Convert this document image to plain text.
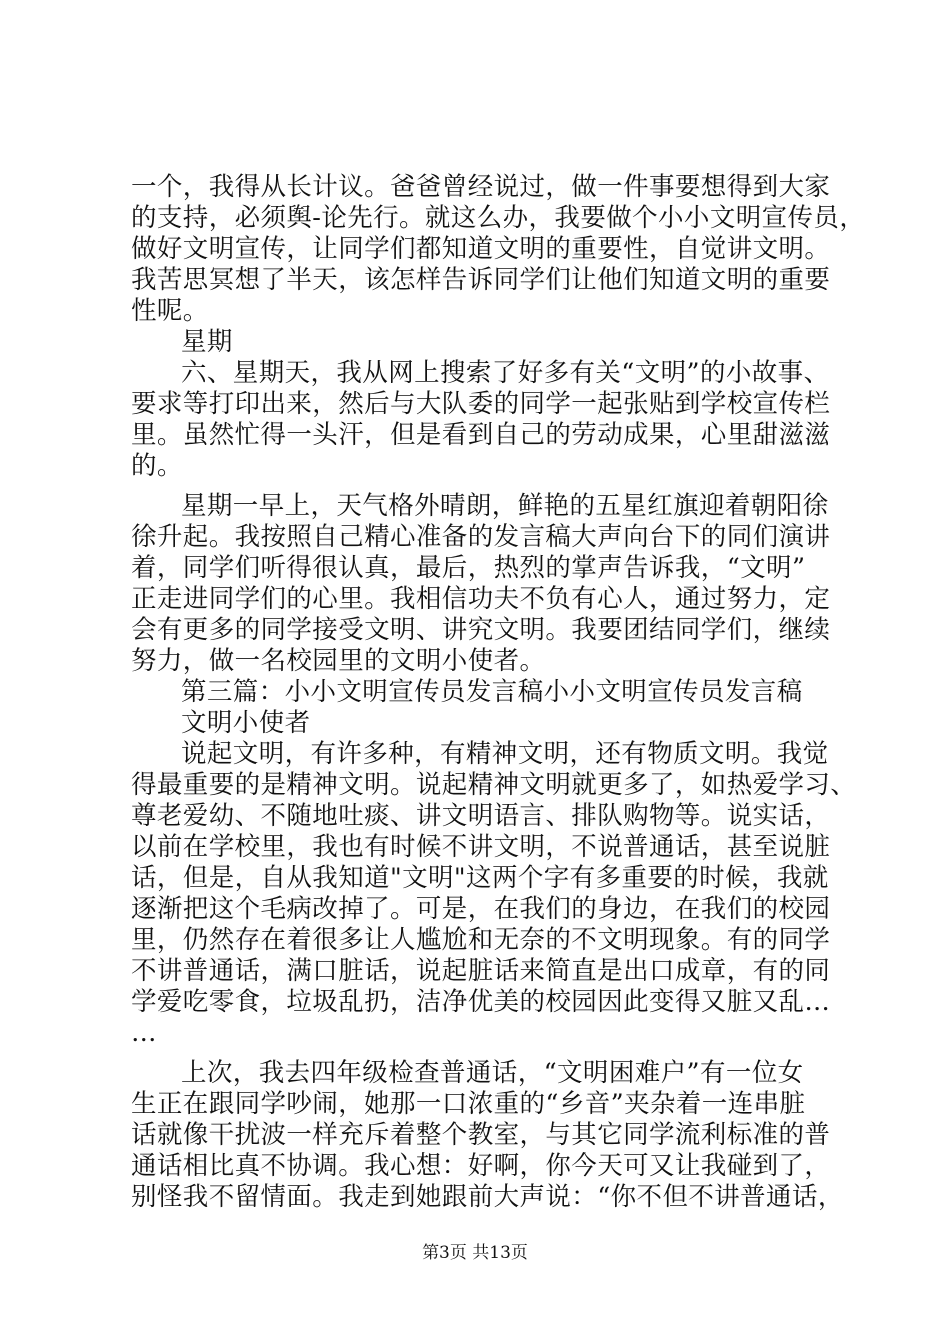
一个，我得从长计议。爸爸曾经说过，做一件事要想得到大家
的支持，必须舆-论先行。就这么办，我要做个小小文明宣传员，
做好文明宣传，让同学们都知道文明的重要性，自觉讲文明。
我苦思冥想了半天，该怎样告诉同学们让他们知道文明的重要
性呢。
星期
六、星期天，我从网上搜索了好多有关“文明”的小故事、
要求等打印出来，然后与大队委的同学一起张贴到学校宣传栏
里。虽然忙得一头汗，但是看到自己的劳动成果，心里甜滋滋
的。
星期一早上，天气格外晴朗，鲜艳的五星红旗迎着朝阳徐
徐升起。我按照自己精心准备的发言稿大声向台下的同们演讲
着，同学们听得很认真，最后，热烈的掌声告诉我，“文明”
正走进同学们的心里。我相信功夫不负有心人，通过努力，定
会有更多的同学接受文明、讲究文明。我要团结同学们，继续
努力，做一名校园里的文明小使者。
第三篇：小小文明宣传员发言稿小小文明宣传员发言稿
文明小使者
说起文明，有许多种，有精神文明，还有物质文明。我觉
得最重要的是精神文明。说起精神文明就更多了，如热爱学习、
尊老爱幼、不随地吐痰、讲文明语言、排队购物等。说实话，
以前在学校里，我也有时候不讲文明，不说普通话，甚至说脏
话，但是，自从我知道"文明"这两个字有多重要的时候，我就
逐渐把这个毛病改掉了。可是，在我们的身边，在我们的校园
里，仍然存在着很多让人尴尬和无奈的不文明现象。有的同学
不讲普通话，满口脏话，说起脏话来简直是出口成章，有的同
学爱吃零食，垃圾乱扔，洁净优美的校园因此变得又脏又乱…
…
上次，我去四年级检查普通话，“文明困难户”有一位女
生正在跟同学吵闹，她那一口浓重的“乡音”夹杂着一连串脏
话就像干扰波一样充斥着整个教室，与其它同学流利标准的普
通话相比真不协调。我心想：好啊，你今天可又让我碰到了，
别怪我不留情面。我走到她跟前大声说：“你不但不讲普通话，
第3页 共13页
